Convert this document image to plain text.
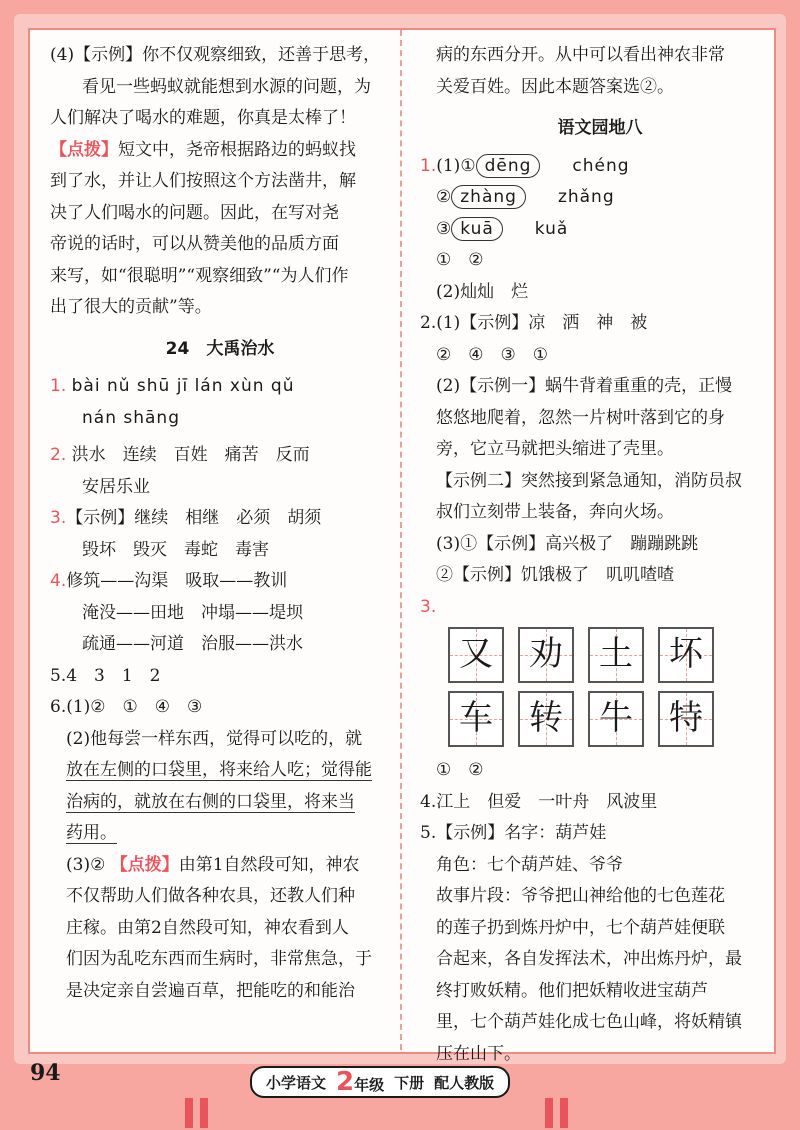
(4)【示例】你不仅观察细致，还善于思考，
看见一些蚂蚁就能想到水源的问题，为
人们解决了喝水的难题，你真是太棒了！
【点拨】短文中，尧帝根据路边的蚂蚁找
到了水，并让人们按照这个方法凿井，解
决了人们喝水的问题。因此，在写对尧
帝说的话时，可以从赞美他的品质方面
来写，如“很聪明”“观察细致”“为人们作
出了很大的贡献”等。
24　大禹治水
1. bài nǔ shū jī lán xùn qǔ
nán shāng
2. 洪水　连续　百姓　痛苦　反而
安居乐业
3.【示例】继续　相继　必须　胡须
毁坏　毁灭　毒蛇　毒害
4.修筑——沟渠　吸取——教训
淹没——田地　冲塌——堤坝
疏通——河道　治服——洪水
5.4　3　1　2
6.(1)②　①　④　③
(2)他每尝一样东西，觉得可以吃的，就
放在左侧的口袋里，将来给人吃；觉得能
治病的，就放在右侧的口袋里，将来当
药用。
(3)② 【点拨】由第1自然段可知，神农
不仅帮助人们做各种农具，还教人们种
庄稼。由第2自然段可知，神农看到人
们因为乱吃东西而生病时，非常焦急，于
是决定亲自尝遍百草，把能吃的和能治
病的东西分开。从中可以看出神农非常
关爱百姓。因此本题答案选②。
语文园地八
1.(1)① dēng chéng
② zhàng zhǎng
③ kuā kuǎ
①　②
(2)灿灿　烂
2.(1)【示例】凉　洒　神　被
②　④　③　①
(2)【示例一】蜗牛背着重重的壳，正慢
悠悠地爬着，忽然一片树叶落到它的身
旁，它立马就把头缩进了壳里。
【示例二】突然接到紧急通知，消防员叔
叔们立刻带上装备，奔向火场。
(3)①【示例】高兴极了　蹦蹦跳跳
②【示例】饥饿极了　叽叽喳喳
3.
又 劝 土 坏
车 转 牛 特
①　②
4.江上　但爱　一叶舟　风波里
5.【示例】名字：葫芦娃
角色：七个葫芦娃、爷爷
故事片段：爷爷把山神给他的七色莲花
的莲子扔到炼丹炉中，七个葫芦娃便联
合起来，各自发挥法术，冲出炼丹炉，最
终打败妖精。他们把妖精收进宝葫芦
里，七个葫芦娃化成七色山峰，将妖精镇
压在山下。
94	小学语文 2年级 下册 配人教版
